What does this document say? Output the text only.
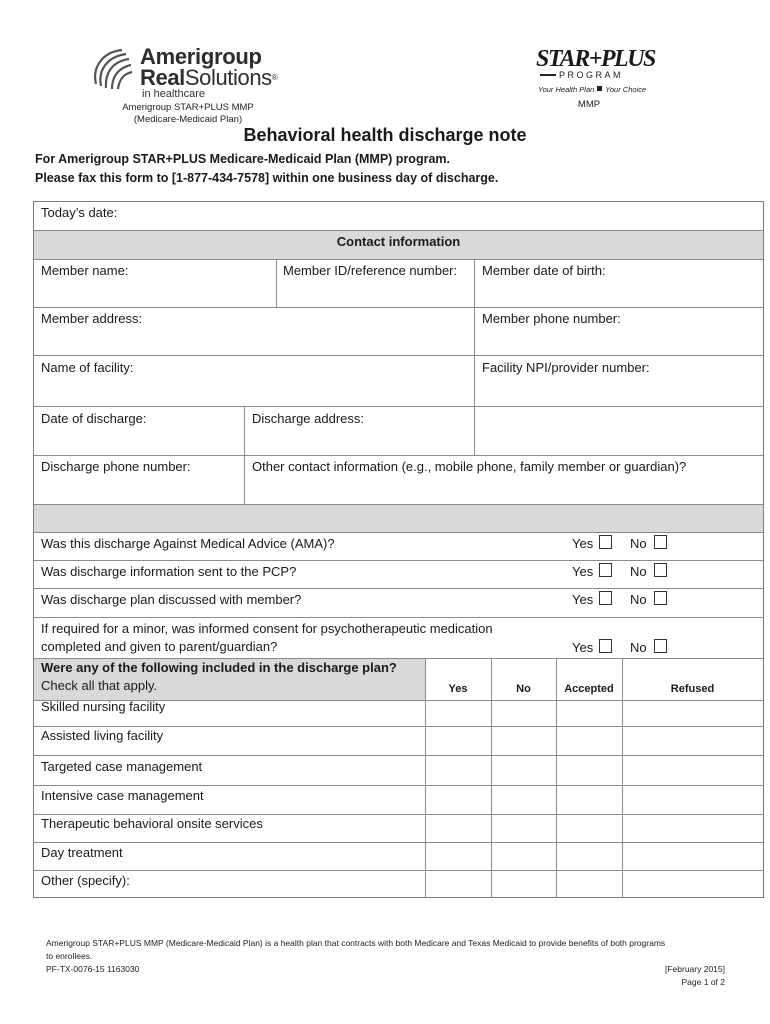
Amerigroup
RealSolutions®
in healthcare
Amerigroup STAR+PLUS MMP
(Medicare-Medicaid Plan)
STAR+PLUS
PROGRAM
Your Health Plan Your Choice
MMP
Behavioral health discharge note
For Amerigroup STAR+PLUS Medicare-Medicaid Plan (MMP) program.
Please fax this form to [1-877-434-7578] within one business day of discharge.
Today’s date:
Contact information
Member name:	Member ID/reference number: Member date of birth:
Member address:	Member phone number:
Name of facility:	Facility NPI/provider number:
Date of discharge:	Discharge address:
Discharge phone number:	Other contact information (e.g., mobile phone, family member or guardian)?
Was this discharge Against Medical Advice (AMA)?	Yes	No
Was discharge information sent to the PCP?	Yes	No
Was discharge plan discussed with member?	Yes	No
If required for a minor, was informed consent for psychotherapeutic medication
completed and given to parent/guardian?	Yes	No
Were any of the following included in the discharge plan?
Check all that apply.	Yes	No	Accepted	Refused
Skilled nursing facility
Assisted living facility
Targeted case management
Intensive case management
Therapeutic behavioral onsite services
Day treatment
Other (specify):
Amerigroup STAR+PLUS MMP (Medicare-Medicaid Plan) is a health plan that contracts with both Medicare and Texas Medicaid to provide benefits of both programs
to enrollees.
PF-TX-0076-15 1163030	[February 2015]
Page 1 of 2
